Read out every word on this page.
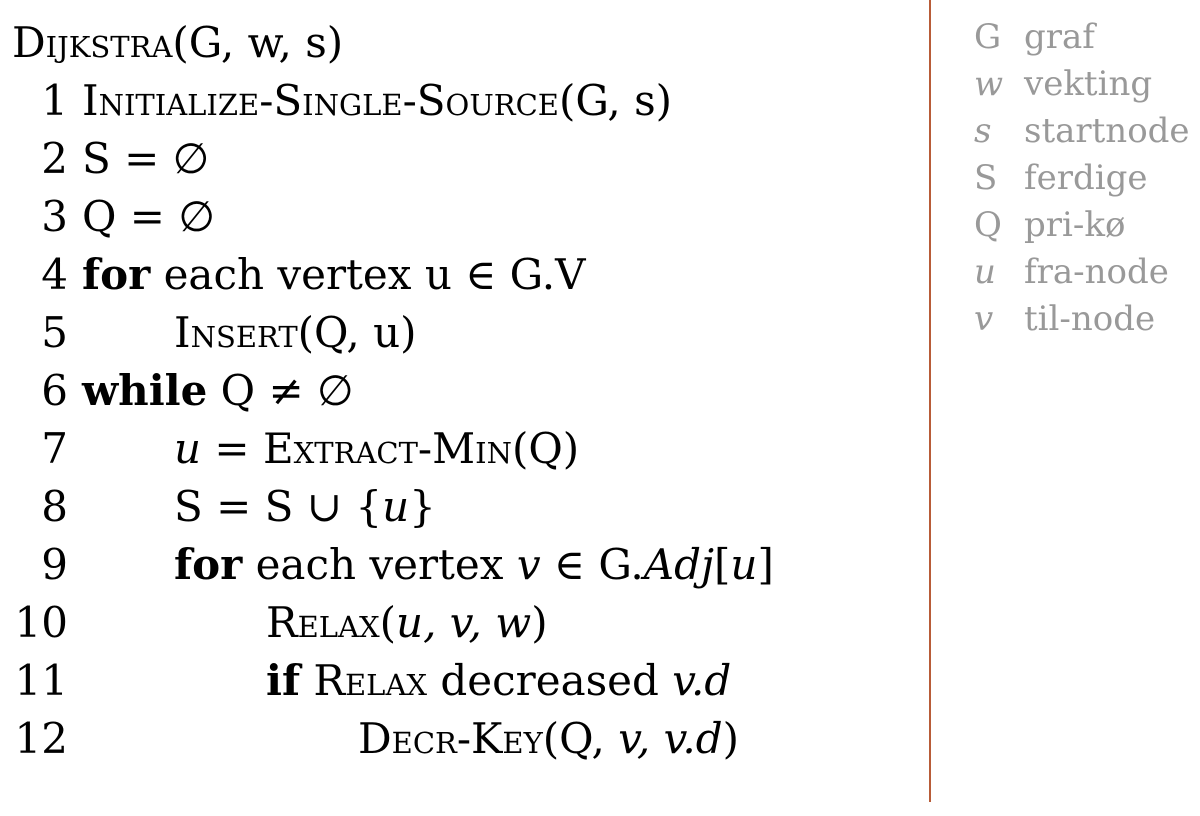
Dijkstra(G, w, s)
1 Initialize-Single-Source(G, s)
2 S = ∅
3 Q = ∅
4 for each vertex u ∈ G.V
5	Insert(Q, u)
6 while Q ≠ ∅
7	u = Extract-Min(Q)
8	S = S ∪ {u}
9	for each vertex v ∈ G.Adj[u]
10	Relax(u, v, w)
11	if Relax decreased v.d
12	Decr-Key(Q, v, v.d)
G graf
w vekting
s startnode
S ferdige
Q pri-kø
u fra-node
v til-node
